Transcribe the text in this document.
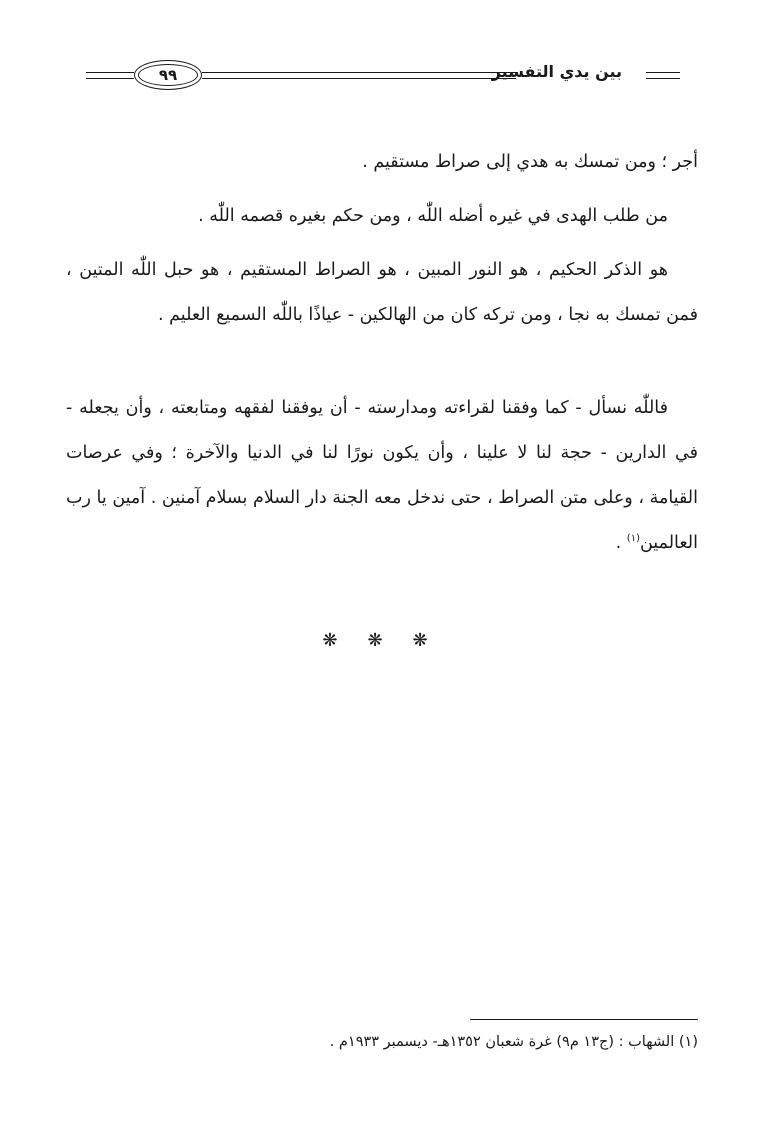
٩٩	بين يدي التفسير

أجر ؛ ومن تمسك به هدي إلى صراط مستقيم .

من طلب الهدى في غيره أضله اللّٰه ، ومن حكم بغيره قصمه اللّٰه .

هو الذكر الحكيم ، هو النور المبين ، هو الصراط المستقيم ، هو حبل اللّٰه المتين ، فمن تمسك به نجا ، ومن تركه كان من الهالكين - عياذًا باللّٰه السميع العليم .

فاللّٰه نسأل - كما وفقنا لقراءته ومدارسته - أن يوفقنا لفقهه ومتابعته ، وأن يجعله - في الدارين - حجة لنا لا علينا ، وأن يكون نورًا لنا في الدنيا والآخرة ؛ وفي عرصات القيامة ، وعلى متن الصراط ، حتى ندخل معه الجنة دار السلام بسلام آمنين . آمين يا رب العالمين$^{(١)}$ .

❋ ❋ ❋
(١) الشهاب : (ج١٣ م٩) غرة شعبان ١٣٥٢هـ- ديسمبر ١٩٣٣م .
